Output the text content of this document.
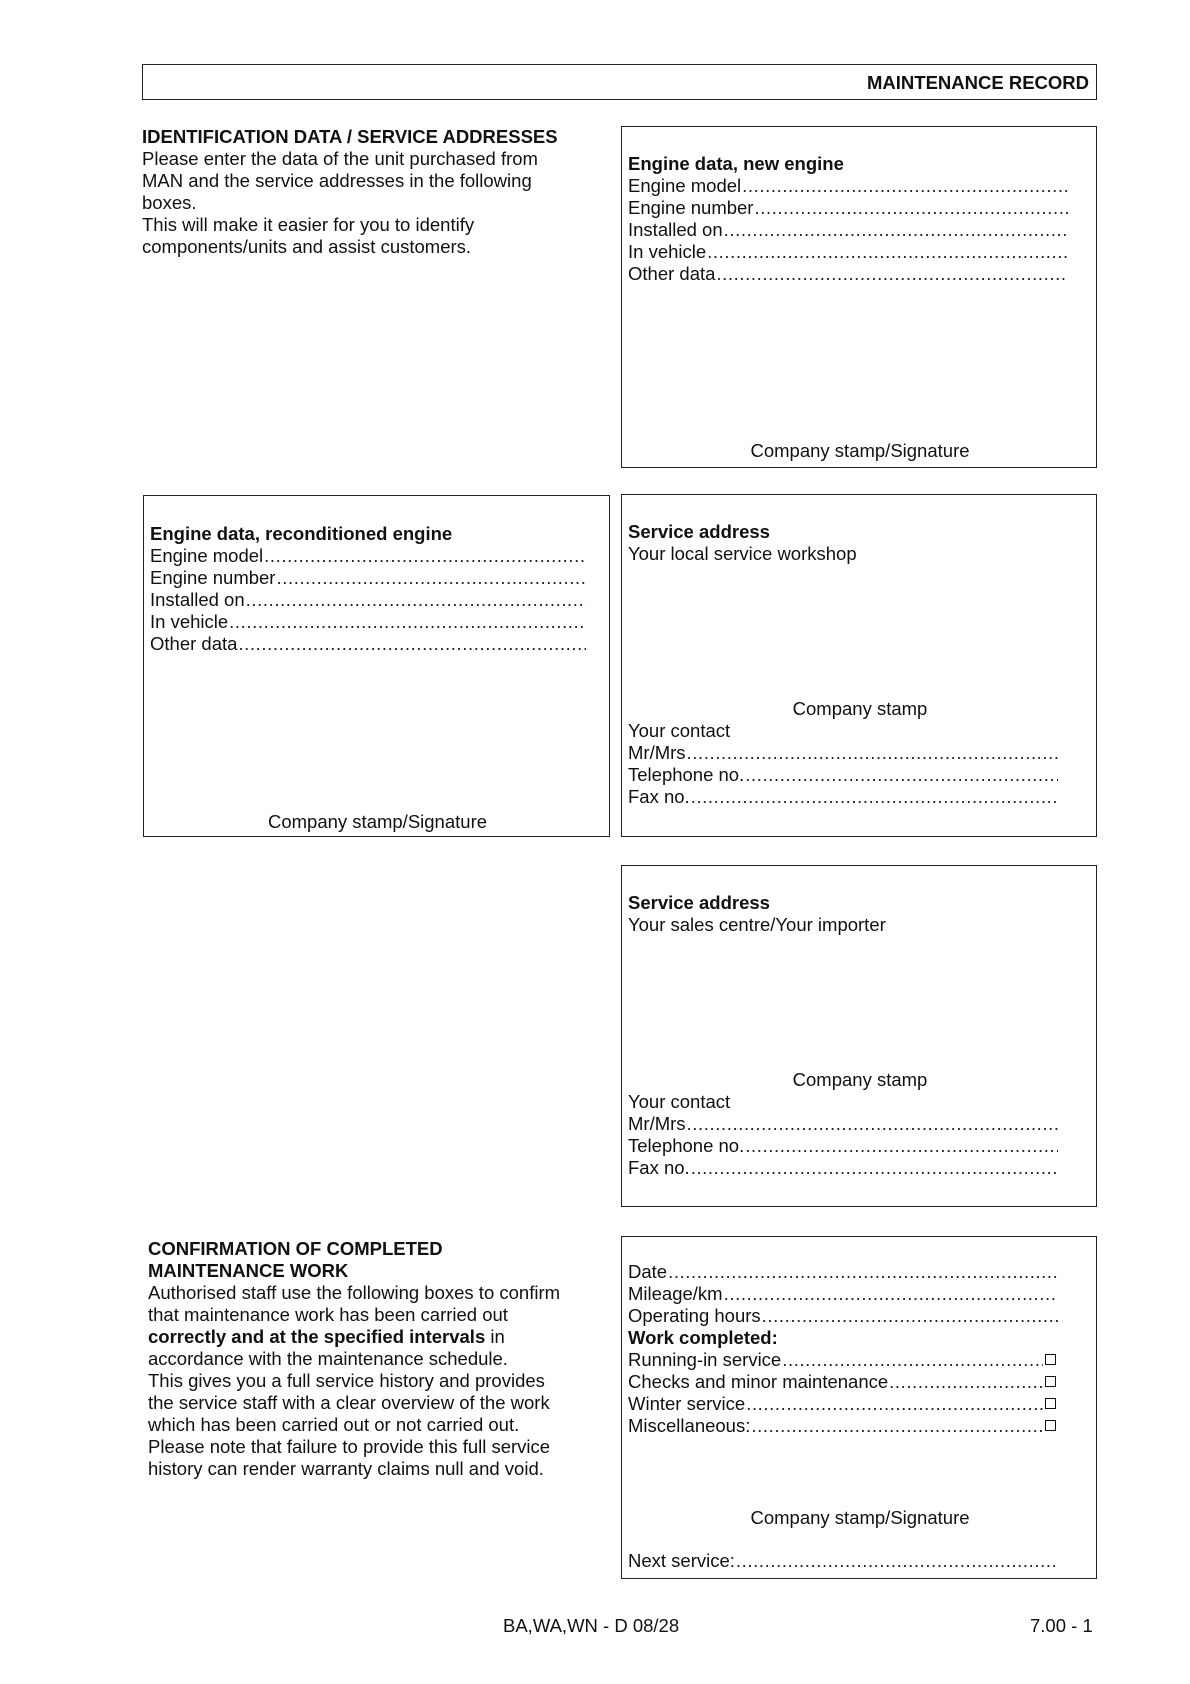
MAINTENANCE RECORD
IDENTIFICATION DATA / SERVICE ADDRESSES
Please enter the data of the unit purchased from
MAN and the service addresses in the following
boxes.
This will make it easier for you to identify
components/units and assist customers.
Engine data, new engine
Engine model
.....
Engine number
.....
Installed on
.....
In vehicle
.....
Other data
.....
Company stamp/Signature
Engine data, reconditioned engine
Engine model
.....
Engine number
.....
Installed on
.....
In vehicle
.....
Other data
.....
Company stamp/Signature
Service address
Your local service workshop
Company stamp
Your contact
Mr/Mrs
.....
Telephone no.
.....
Fax no.
.....
Service address
Your sales centre/Your importer
Company stamp
Your contact
Mr/Mrs
.....
Telephone no.
.....
Fax no.
.....
CONFIRMATION OF COMPLETED
MAINTENANCE WORK
Authorised staff use the following boxes to confirm
that maintenance work has been carried out
correctly and at the specified intervals in
accordance with the maintenance schedule.
This gives you a full service history and provides
the service staff with a clear overview of the work
which has been carried out or not carried out.
Please note that failure to provide this full service
history can render warranty claims null and void.
Date
.....
Mileage/km
.....
Operating hours
.....
Work completed:
Running-in service
.....
Checks and minor maintenance
.....
Winter service
.....
Miscellaneous:
.....
Company stamp/Signature
Next service:
.....
BA,WA,WN - D 08/28	7.00 - 1
